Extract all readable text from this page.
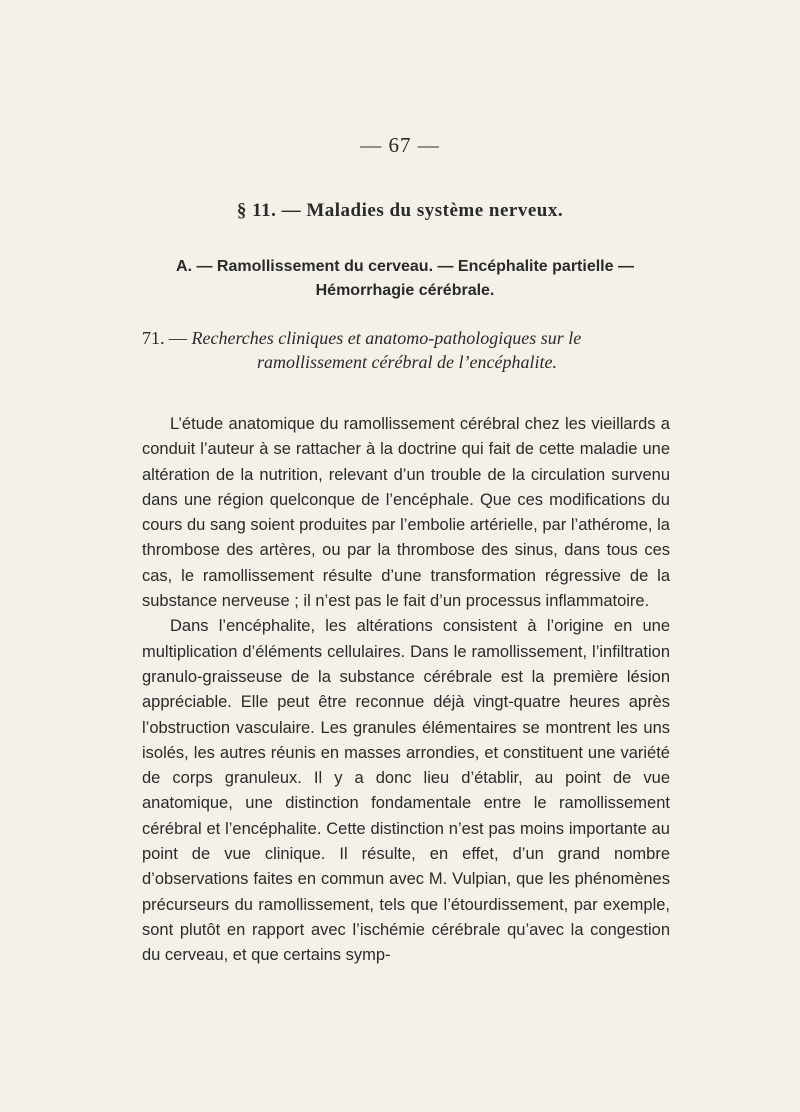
— 67 —
§ 11. — Maladies du système nerveux.
A. — Ramollissement du cerveau. — Encéphalite partielle —
Hémorrhagie cérébrale.
71. — Recherches cliniques et anatomo-pathologiques sur le
ramollissement cérébral de l’encéphalite.

L’étude anatomique du ramollissement cérébral chez les vieillards a conduit l’auteur à se rattacher à la doctrine qui fait de cette maladie une altération de la nutrition, relevant d’un trouble de la circulation survenu dans une région quelconque de l’encéphale. Que ces modifications du cours du sang soient produites par l’embolie artérielle, par l’athérome, la thrombose des artères, ou par la thrombose des sinus, dans tous ces cas, le ramollissement résulte d’une transformation régressive de la substance nerveuse ; il n’est pas le fait d’un processus inflammatoire.

Dans l’encéphalite, les altérations consistent à l’origine en une multiplication d’éléments cellulaires. Dans le ramollissement, l’infiltration granulo-graisseuse de la substance cérébrale est la première lésion appréciable. Elle peut être reconnue déjà vingt-quatre heures après l’obstruction vasculaire. Les granules élémentaires se montrent les uns isolés, les autres réunis en masses arrondies, et constituent une variété de corps granuleux. Il y a donc lieu d’établir, au point de vue anatomique, une distinction fondamentale entre le ramollissement cérébral et l’encéphalite. Cette distinction n’est pas moins importante au point de vue clinique. Il résulte, en effet, d’un grand nombre d’observations faites en commun avec M. Vulpian, que les phénomènes précurseurs du ramollissement, tels que l’étourdissement, par exemple, sont plutôt en rapport avec l’ischémie cérébrale qu’avec la congestion du cerveau, et que certains symp-
